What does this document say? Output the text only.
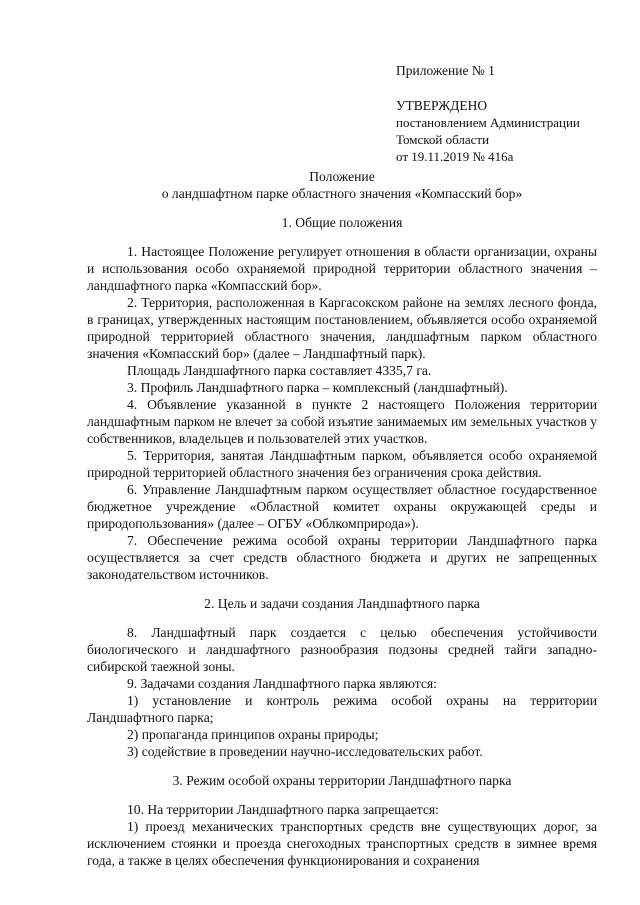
Приложение № 1
УТВЕРЖДЕНО
постановлением Администрации
Томской области
от 19.11.2019 № 416а
Положение
о ландшафтном парке областного значения «Компасский бор»
1. Общие положения

1. Настоящее Положение регулирует отношения в области организации, охраны и использования особо охраняемой природной территории областного значения – ландшафтного парка «Компасский бор».

2. Территория, расположенная в Каргасокском районе на землях лесного фонда, в границах, утвержденных настоящим постановлением, объявляется особо охраняемой природной территорией областного значения, ландшафтным парком областного значения «Компасский бор» (далее – Ландшафтный парк).

Площадь Ландшафтного парка составляет 4335,7 га.

3. Профиль Ландшафтного парка – комплексный (ландшафтный).

4. Объявление указанной в пункте 2 настоящего Положения территории ландшафтным парком не влечет за собой изъятие занимаемых им земельных участков у собственников, владельцев и пользователей этих участков.

5. Территория, занятая Ландшафтным парком, объявляется особо охраняемой природной территорией областного значения без ограничения срока действия.

6. Управление Ландшафтным парком осуществляет областное государственное бюджетное учреждение «Областной комитет охраны окружающей среды и природопользования» (далее – ОГБУ «Облкомприрода»).

7. Обеспечение режима особой охраны территории Ландшафтного парка осуществляется за счет средств областного бюджета и других не запрещенных законодательством источников.

2. Цель и задачи создания Ландшафтного парка

8. Ландшафтный парк создается с целью обеспечения устойчивости биологического и ландшафтного разнообразия подзоны средней тайги западно-сибирской таежной зоны.

9. Задачами создания Ландшафтного парка являются:

1) установление и контроль режима особой охраны на территории Ландшафтного парка;

2) пропаганда принципов охраны природы;

3) содействие в проведении научно-исследовательских работ.

3. Режим особой охраны территории Ландшафтного парка

10. На территории Ландшафтного парка запрещается:

1) проезд механических транспортных средств вне существующих дорог, за исключением стоянки и проезда снегоходных транспортных средств в зимнее время года, а также в целях обеспечения функционирования и сохранения
